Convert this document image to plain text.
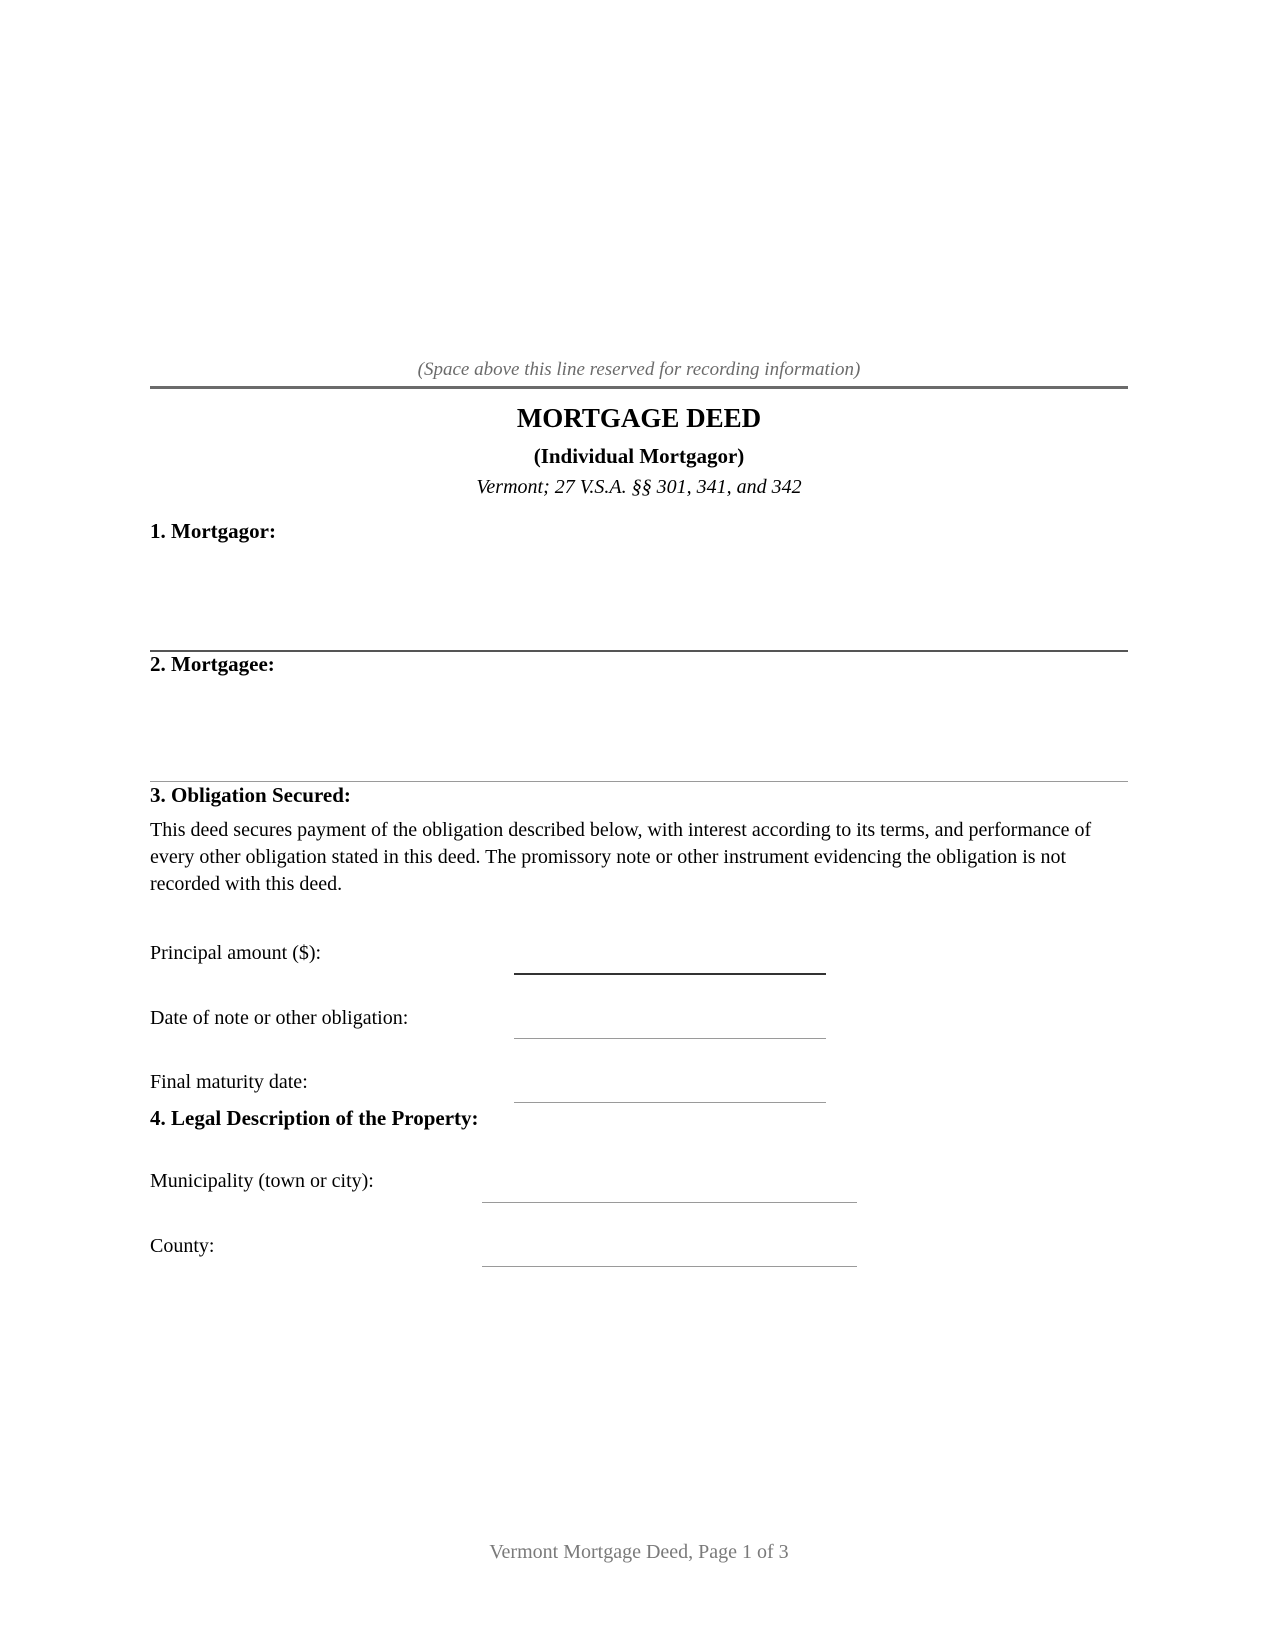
(Space above this line reserved for recording information)
MORTGAGE DEED
(Individual Mortgagor)
Vermont; 27 V.S.A. §§ 301, 341, and 342
1. Mortgagor:
2. Mortgagee:
3. Obligation Secured:
This deed secures payment of the obligation described below, with interest according to its terms, and performance of every other obligation stated in this deed. The promissory note or other instrument evidencing the obligation is not recorded with this deed.
Principal amount ($):
Date of note or other obligation:
Final maturity date:
4. Legal Description of the Property:
Municipality (town or city):
County:
Vermont Mortgage Deed, Page 1 of 3
